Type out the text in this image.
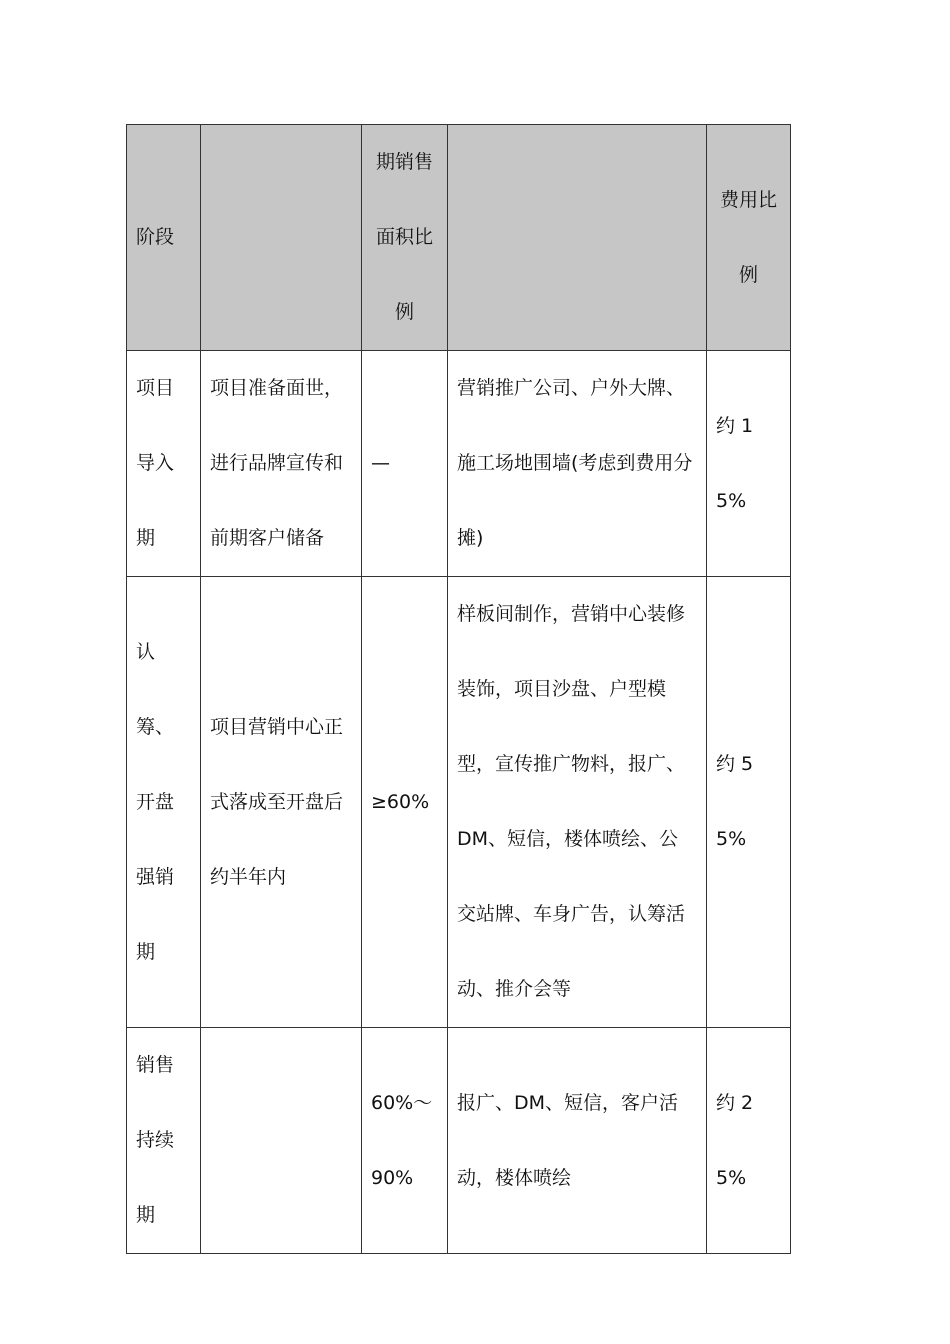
阶段		期销售面积比例		费用比例
项目导入期	项目准备面世，进行品牌宣传和前期客户储备	—	营销推广公司、户外大牌、施工场地围墙(考虑到费用分摊)	约 15%
认筹、开盘强销期	项目营销中心正式落成至开盘后约半年内	≥60%	样板间制作，营销中心装修装饰，项目沙盘、户型模型，宣传推广物料，报广、DM、短信，楼体喷绘、公交站牌、车身广告，认筹活动、推介会等	约 55%
销售持续期		60%～90%	报广、DM、短信，客户活动，楼体喷绘	约 25%
